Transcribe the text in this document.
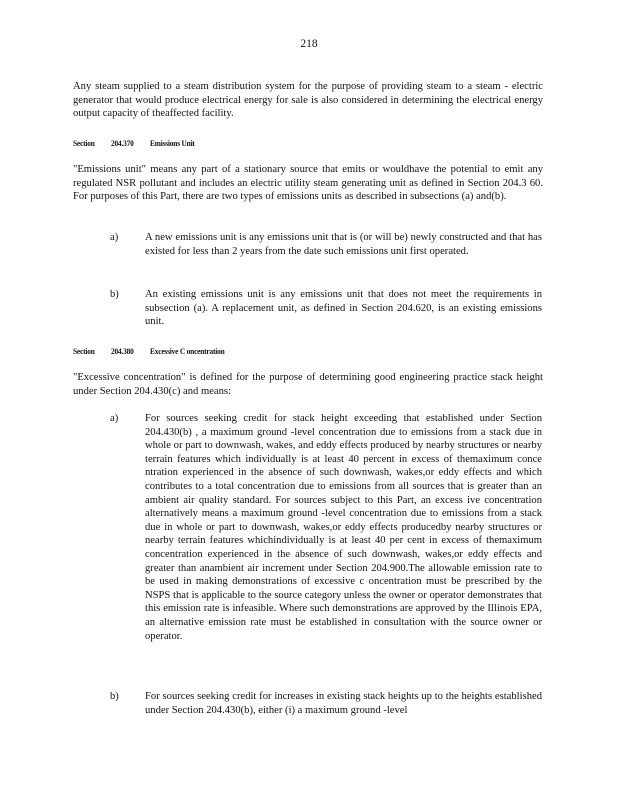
218

Any steam supplied to a steam distribution system for the purpose of providing steam to a steam - electric generator that would produce electrical energy for sale is also considered in determining the electrical energy output capacity of theaffected facility.

Section 204.370 Emissions Unit

"Emissions unit" means any part of a stationary source that emits or wouldhave the potential to emit any regulated NSR pollutant and includes an electric utility steam generating unit as defined in Section 204.3 60. For purposes of this Part, there are two types of emissions units as described in subsections (a) and(b).

a)	A new emissions unit is any emissions unit that is (or will be) newly constructed and that has existed for less than 2 years from the date such emissions unit first operated.

b) An existing emissions unit is any emissions unit that does not meet the requirements in subsection (a). A replacement unit, as defined in Section 204.620, is an existing emissions unit.

Section 204.380 Excessive C oncentration

"Excessive concentration" is defined for the purpose of determining good engineering practice stack height under Section 204.430(c) and means:

a)	For sources seeking credit for stack height exceeding that established under Section 204.430(b) , a maximum ground -level concentration due to emissions from a stack due in whole or part to downwash, wakes, and eddy effects produced by nearby structures or nearby terrain features which individually is at least 40 percent in excess of themaximum conce ntration experienced in the absence of such downwash, wakes,or eddy effects and which contributes to a total concentration due to emissions from all sources that is greater than an ambient air quality standard. For sources subject to this Part, an excess ive concentration alternatively means a maximum ground -level concentration due to emissions from a stack due in whole or part to downwash, wakes,or eddy effects producedby nearby structures or nearby terrain features whichindividually is at least 40 per cent in excess of themaximum concentration experienced in the absence of such downwash, wakes,or eddy effects and greater than anambient air increment under Section 204.900.The allowable emission rate to be used in making demonstrations of excessive c oncentration must be prescribed by the NSPS that is applicable to the source category unless the owner or operator demonstrates that this emission rate is infeasible. Where such demonstrations are approved by the Illinois EPA, an alternative emission rate must be established in consultation with the source owner or operator.

b) For sources seeking credit for increases in existing stack heights up to the heights established under Section 204.430(b), either (i) a maximum ground -level
